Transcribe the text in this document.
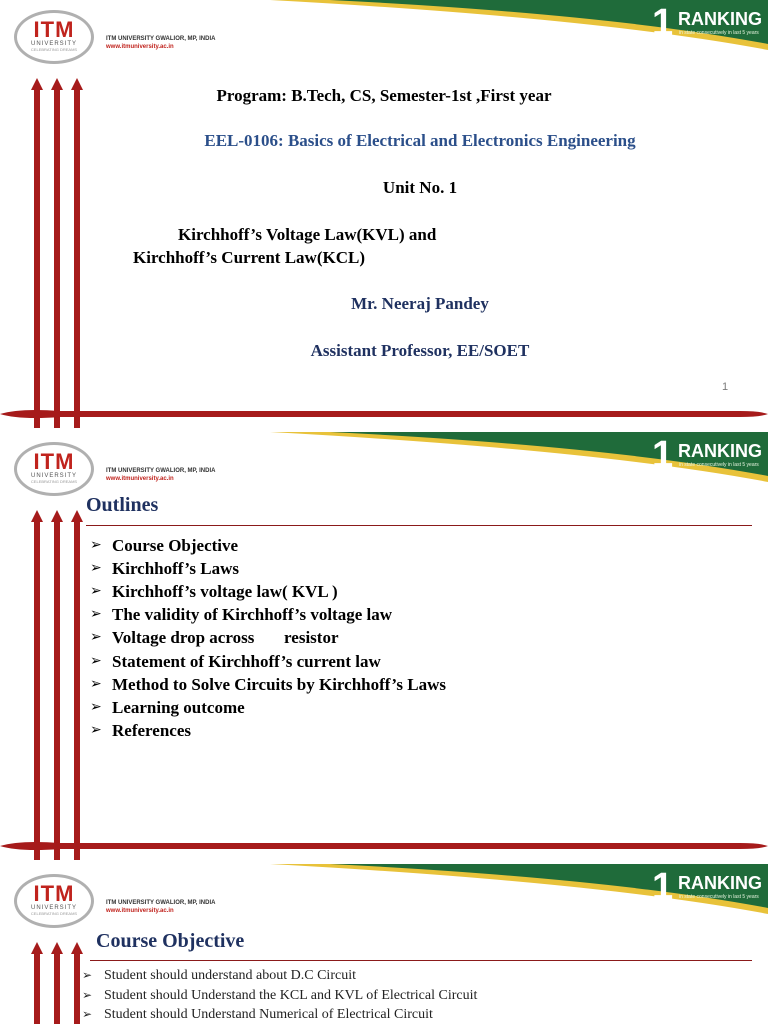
ITM
UNIVERSITY
CELEBRATING DREAMS
ITM UNIVERSITY GWALIOR, MP, INDIA
www.itmuniversity.ac.in
1 RANKING
in state consecutively in last 5 years
Program: B.Tech, CS, Semester-1st ,First year
EEL-0106: Basics of Electrical and Electronics Engineering
Unit No. 1
Kirchhoff’s Voltage Law(KVL) and
Kirchhoff’s Current Law(KCL)
Mr. Neeraj Pandey
Assistant Professor, EE/SOET
1
ITM
UNIVERSITY
CELEBRATING DREAMS
ITM UNIVERSITY GWALIOR, MP, INDIA
www.itmuniversity.ac.in
1 RANKING
in state consecutively in last 5 years
Outlines
➢ Course Objective
➢ Kirchhoff’s Laws
➢ Kirchhoff’s voltage law( KVL )
➢ The validity of Kirchhoff’s voltage law
➢ Voltage drop across       resistor
➢ Statement of Kirchhoff’s current law
➢ Method to Solve Circuits by Kirchhoff’s Laws
➢ Learning outcome
➢ References
ITM
UNIVERSITY
CELEBRATING DREAMS
ITM UNIVERSITY GWALIOR, MP, INDIA
www.itmuniversity.ac.in
1 RANKING
in state consecutively in last 5 years
Course Objective
➢ Student should understand about D.C Circuit
➢ Student should Understand the KCL and KVL of Electrical Circuit
➢ Student should Understand Numerical of Electrical Circuit
